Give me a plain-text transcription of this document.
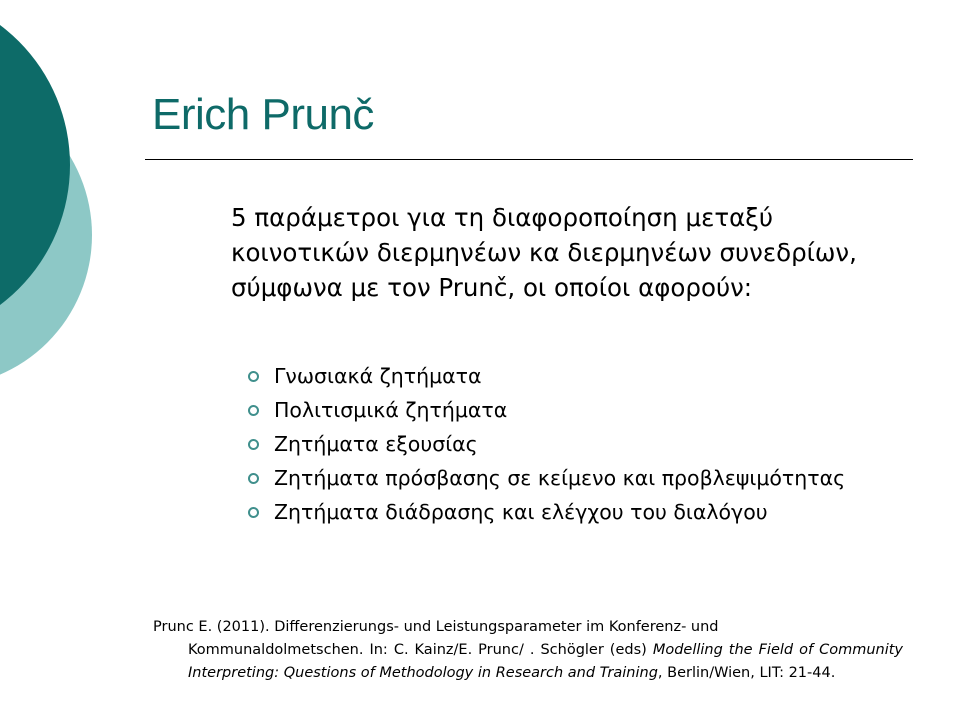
Erich Prunč
5 παράμετροι για τη διαφοροποίηση μεταξύ κοινοτικών διερμηνέων κα διερμηνέων συνεδρίων, σύμφωνα με τον Prunč, οι οποίοι αφορούν:
Γνωσιακά ζητήματα
Πολιτισμικά ζητήματα
Ζητήματα εξουσίας
Ζητήματα πρόσβασης σε κείμενο και προβλεψιμότητας
Ζητήματα διάδρασης και ελέγχου του διαλόγου
Prunc E. (2011). Differenzierungs- und Leistungsparameter im Konferenz- und
Kommunaldolmetschen. In: C. Kainz/E. Prunc/ . Schögler (eds) Modelling the Field of Community Interpreting: Questions of Methodology in Research and Training, Berlin/Wien, LIT: 21-44.
